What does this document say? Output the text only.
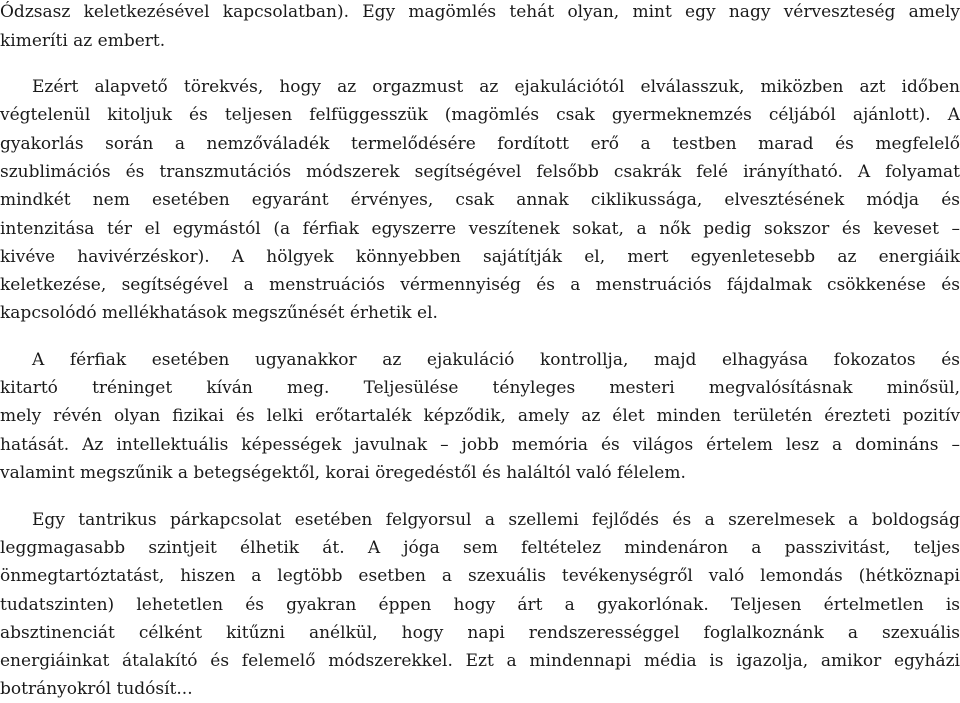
Ódzsasz keletkezésével kapcsolatban). Egy magömlés tehát olyan, mint egy nagy vérveszteség amely
kimeríti az embert.
Ezért alapvető törekvés, hogy az orgazmust az ejakulációtól elválasszuk, miközben azt időben
végtelenül kitoljuk és teljesen felfüggesszük (magömlés csak gyermeknemzés céljából ajánlott). A
gyakorlás során a nemzőváladék termelődésére fordított erő a testben marad és megfelelő
szublimációs és transzmutációs módszerek segítségével felsőbb csakrák felé irányítható. A folyamat
mindkét nem esetében egyaránt érvényes, csak annak ciklikussága, elvesztésének módja és
intenzitása tér el egymástól (a férfiak egyszerre veszítenek sokat, a nők pedig sokszor és keveset –
kivéve havivérzéskor). A hölgyek könnyebben sajátítják el, mert egyenletesebb az energiáik
keletkezése, segítségével a menstruációs vérmennyiség és a menstruációs fájdalmak csökkenése és
kapcsolódó mellékhatások megszűnését érhetik el.
A férfiak esetében ugyanakkor az ejakuláció kontrollja, majd elhagyása fokozatos és
kitartó tréninget kíván meg. Teljesülése tényleges mesteri megvalósításnak minősül,
mely révén olyan fizikai és lelki erőtartalék képződik, amely az élet minden területén érezteti pozitív
hatását. Az intellektuális képességek javulnak – jobb memória és világos értelem lesz a domináns –
valamint megszűnik a betegségektől, korai öregedéstől és haláltól való félelem.
Egy tantrikus párkapcsolat esetében felgyorsul a szellemi fejlődés és a szerelmesek a boldogság
leggmagasabb szintjeit élhetik át. A jóga sem feltételez mindenáron a passzivitást, teljes
önmegtartóztatást, hiszen a legtöbb esetben a szexuális tevékenységről való lemondás (hétköznapi
tudatszinten) lehetetlen és gyakran éppen hogy árt a gyakorlónak. Teljesen értelmetlen is
absztinenciát célként kitűzni anélkül, hogy napi rendszerességgel foglalkoznánk a szexuális
energiáinkat átalakító és felemelő módszerekkel. Ezt a mindennapi média is igazolja, amikor egyházi
botrányokról tudósít...
